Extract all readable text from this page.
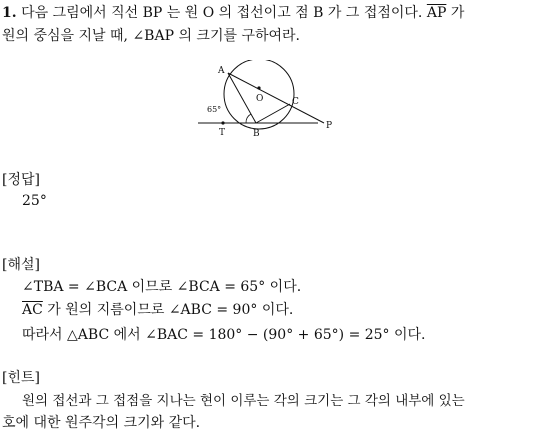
1. 다음 그림에서 직선 BP 는 원 O 의 접선이고 점 B 가 그 접점이다. $\overline{AP}$ 가
원의 중심을 지날 때, ∠BAP 의 크기를 구하여라.
A
O	C
B
T
P
65°
[정답]
25°
[해설]
∠TBA = ∠BCA 이므로 ∠BCA = 65° 이다.
$\overline{AC}$ 가 원의 지름이므로 ∠ABC = 90° 이다.
따라서 △ABC 에서 ∠BAC = 180° − (90° + 65°) = 25° 이다.
[힌트]
원의 접선과 그 접점을 지나는 현이 이루는 각의 크기는 그 각의 내부에 있는
호에 대한 원주각의 크기와 같다.
